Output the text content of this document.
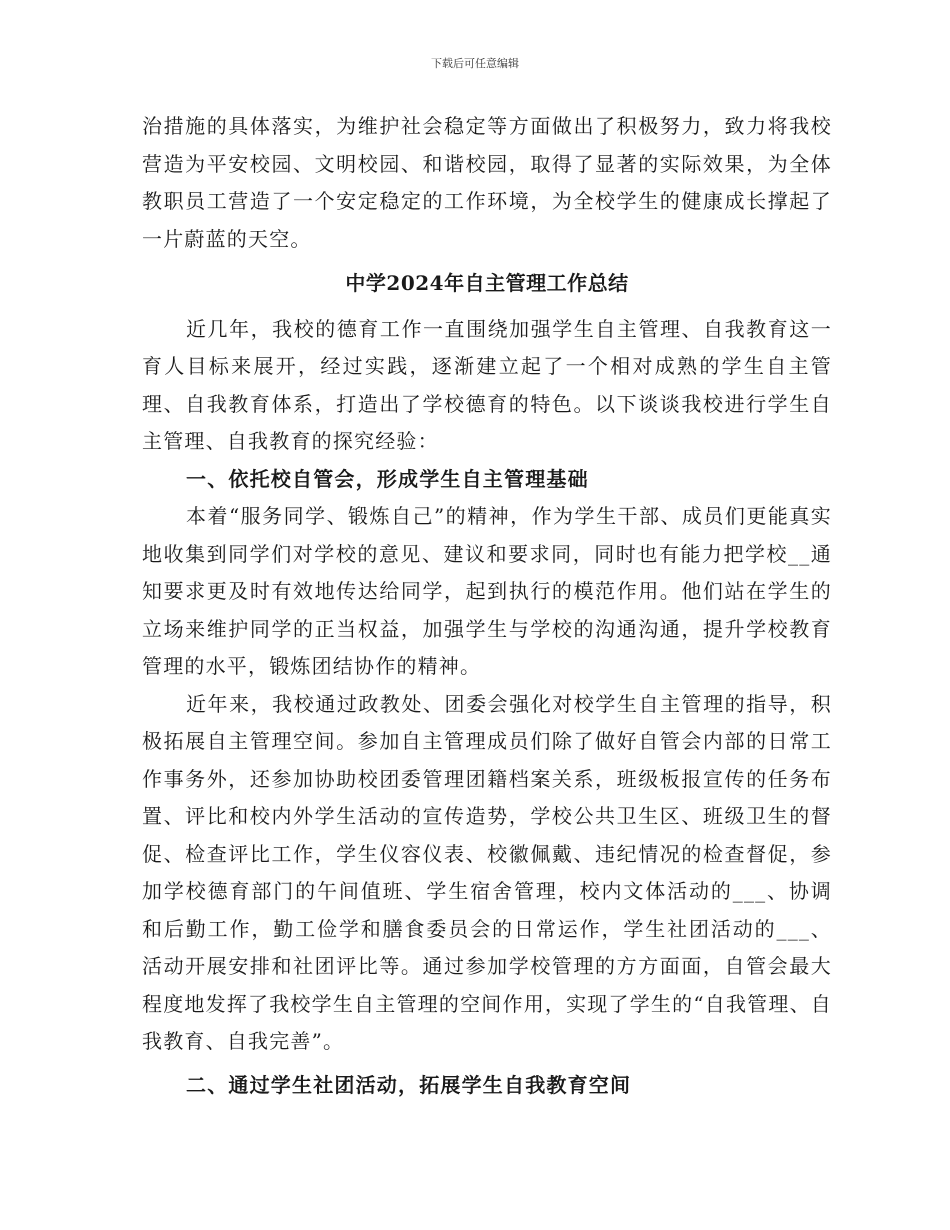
下载后可任意编辑

治措施的具体落实，为维护社会稳定等方面做出了积极努力，致力将我校营造为平安校园、文明校园、和谐校园，取得了显著的实际效果，为全体教职员工营造了一个安定稳定的工作环境，为全校学生的健康成长撑起了一片蔚蓝的天空。

中学2024年自主管理工作总结

近几年，我校的德育工作一直围绕加强学生自主管理、自我教育这一育人目标来展开，经过实践，逐渐建立起了一个相对成熟的学生自主管理、自我教育体系，打造出了学校德育的特色。以下谈谈我校进行学生自主管理、自我教育的探究经验：

一、依托校自管会，形成学生自主管理基础

本着“服务同学、锻炼自己”的精神，作为学生干部、成员们更能真实地收集到同学们对学校的意见、建议和要求同，同时也有能力把学校__通知要求更及时有效地传达给同学，起到执行的模范作用。他们站在学生的立场来维护同学的正当权益，加强学生与学校的沟通沟通，提升学校教育管理的水平，锻炼团结协作的精神。

近年来，我校通过政教处、团委会强化对校学生自主管理的指导，积极拓展自主管理空间。参加自主管理成员们除了做好自管会内部的日常工作事务外，还参加协助校团委管理团籍档案关系，班级板报宣传的任务布置、评比和校内外学生活动的宣传造势，学校公共卫生区、班级卫生的督促、检查评比工作，学生仪容仪表、校徽佩戴、违纪情况的检查督促，参加学校德育部门的午间值班、学生宿舍管理，校内文体活动的___、协调和后勤工作，勤工俭学和膳食委员会的日常运作，学生社团活动的___、活动开展安排和社团评比等。通过参加学校管理的方方面面，自管会最大程度地发挥了我校学生自主管理的空间作用，实现了学生的“自我管理、自我教育、自我完善”。

二、通过学生社团活动，拓展学生自我教育空间
